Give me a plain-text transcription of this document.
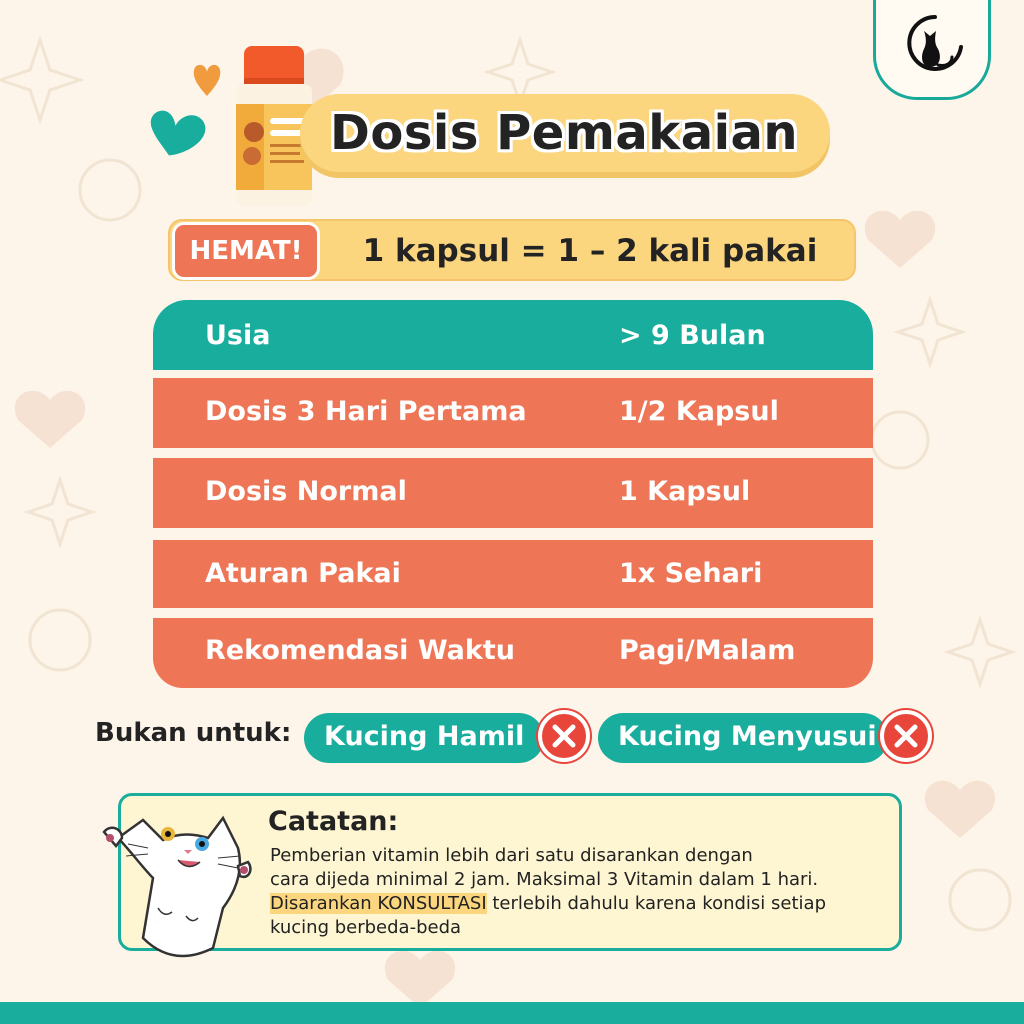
Dosis Pemakaian
HEMAT!	1 kapsul = 1 – 2 kali pakai
Usia	> 9 Bulan
Dosis 3 Hari Pertama	1/2 Kapsul
Dosis Normal	1 Kapsul
Aturan Pakai	1x Sehari
Rekomendasi Waktu	Pagi/Malam
Bukan untuk:	Kucing Hamil	Kucing Menyusui
Catatan:
Pemberian vitamin lebih dari satu disarankan dengan
cara dijeda minimal 2 jam. Maksimal 3 Vitamin dalam 1 hari.
Disarankan KONSULTASI terlebih dahulu karena kondisi setiap
kucing berbeda-beda
